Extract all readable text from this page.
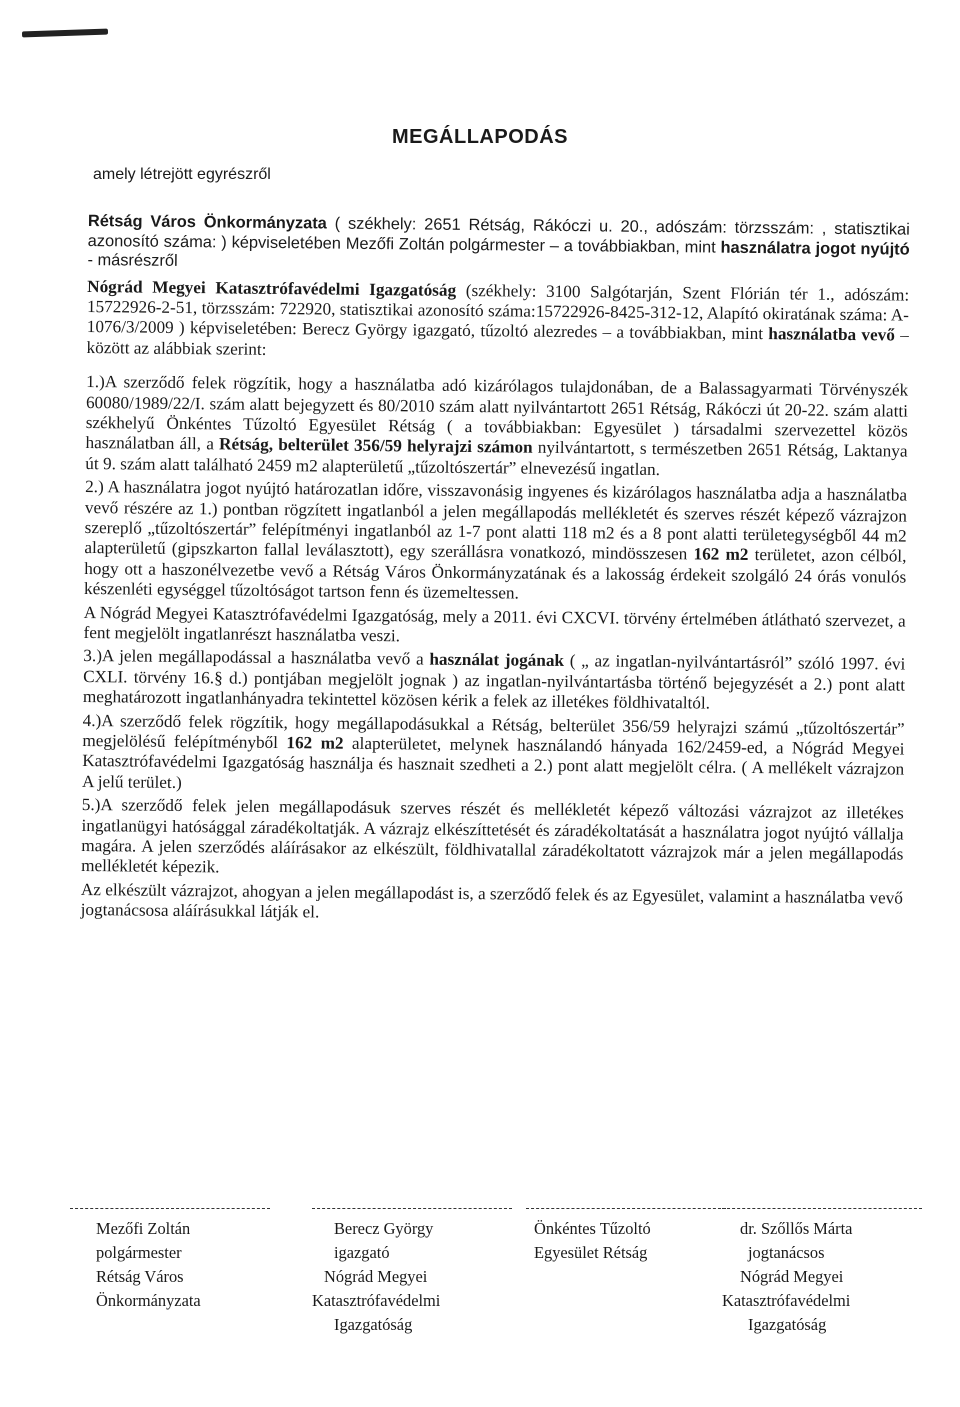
MEGÁLLAPODÁS
amely létrejött egyrészről

Rétság Város Önkormányzata ( székhely: 2651 Rétság, Rákóczi u. 20., adószám: törzsszám: , statisztikai azonosító száma: ) képviseletében Mezőfi Zoltán polgármester – a továbbiakban, mint használatra jogot nyújtó - másrészről

Nógrád Megyei Katasztrófavédelmi Igazgatóság (székhely: 3100 Salgótarján, Szent Flórián tér 1., adószám: 15722926-2-51, törzsszám: 722920, statisztikai azonosító száma:15722926-8425-312-12, Alapító okiratának száma: A-1076/3/2009 ) képviseletében: Berecz György igazgató, tűzoltó alezredes – a továbbiakban, mint használatba vevő – között az alábbiak szerint:

1.)A szerződő felek rögzítik, hogy a használatba adó kizárólagos tulajdonában, de a Balassagyarmati Törvényszék 60080/1989/22/I. szám alatt bejegyzett és 80/2010 szám alatt nyilvántartott 2651 Rétság, Rákóczi út 20-22. szám alatti székhelyű Önkéntes Tűzoltó Egyesület Rétság ( a továbbiakban: Egyesület ) társadalmi szervezettel közös használatban áll, a Rétság, belterület 356/59 helyrajzi számon nyilvántartott, s természetben 2651 Rétság, Laktanya út 9. szám alatt található 2459 m2 alapterületű „tűzoltószertár” elnevezésű ingatlan.

2.) A használatra jogot nyújtó határozatlan időre, visszavonásig ingyenes és kizárólagos használatba adja a használatba vevő részére az 1.) pontban rögzített ingatlanból a jelen megállapodás mellékletét és szerves részét képező vázrajzon szereplő „tűzoltószertár” felépítményi ingatlanból az 1-7 pont alatti 118 m2 és a 8 pont alatti területegységből 44 m2 alapterületű (gipszkarton fallal leválasztott), egy szerállásra vonatkozó, mindösszesen 162 m2 területet, azon célból, hogy ott a haszonélvezetbe vevő a Rétság Város Önkormányzatának és a lakosság érdekeit szolgáló 24 órás vonulós készenléti egységgel tűzoltóságot tartson fenn és üzemeltessen.

A Nógrád Megyei Katasztrófavédelmi Igazgatóság, mely a 2011. évi CXCVI. törvény értelmében átlátható szervezet, a fent megjelölt ingatlanrészt használatba veszi.

3.)A jelen megállapodással a használatba vevő a használat jogának ( „ az ingatlan-nyilvántartásról” szóló 1997. évi CXLI. törvény 16.§ d.) pontjában megjelölt jognak ) az ingatlan-nyilvántartásba történő bejegyzését a 2.) pont alatt meghatározott ingatlanhányadra tekintettel közösen kérik a felek az illetékes földhivataltól.

4.)A szerződő felek rögzítik, hogy megállapodásukkal a Rétság, belterület 356/59 helyrajzi számú „tűzoltószertár” megjelölésű felépítményből 162 m2 alapterületet, melynek használandó hányada 162/2459-ed, a Nógrád Megyei Katasztrófavédelmi Igazgatóság használja és hasznait szedheti a 2.) pont alatt megjelölt célra. ( A mellékelt vázrajzon A jelű terület.)

5.)A szerződő felek jelen megállapodásuk szerves részét és mellékletét képező változási vázrajzot az illetékes ingatlanügyi hatósággal záradékoltatják. A vázrajz elkészíttetését és záradékoltatását a használatra jogot nyújtó vállalja magára. A jelen szerződés aláírásakor az elkészült, földhivatallal záradékoltatott vázrajzok már a jelen megállapodás mellékletét képezik.

Az elkészült vázrajzot, ahogyan a jelen megállapodást is, a szerződő felek és az Egyesület, valamint a használatba vevő jogtanácsosa aláírásukkal látják el.

Mezőfi Zoltán
polgármester
Rétság Város
Önkormányzata
Berecz György
igazgató
Nógrád Megyei
Katasztrófavédelmi
Igazgatóság
Önkéntes Tűzoltó
Egyesület Rétság
dr. Szőllős Márta
jogtanácsos
Nógrád Megyei
Katasztrófavédelmi
Igazgatóság
